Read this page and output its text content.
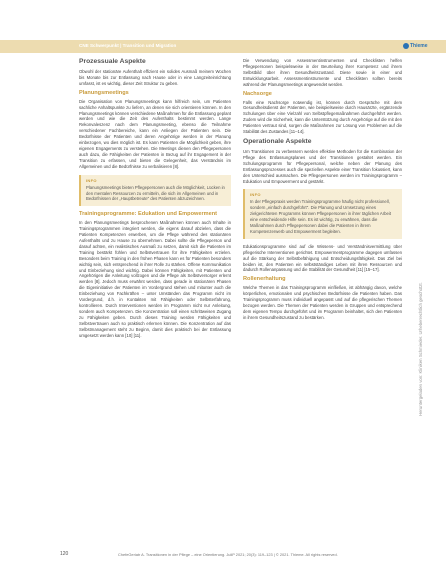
CNE Schwerpunkt | Transition und Migration	Thieme
Prozessuale Aspekte

Obwohl der stationäre Aufenthalt effizient ein solides Ausmaß meinem Wochen bis Monate bis zur Entlassung nach Hause oder in eine Langzeiteinrichtung umfasst, ist es wichtig, dieser Zeit Struktur zu geben.

Planungsmeetings

Die Organisation von Planungsmeetings kann hilfreich sein, um Patienten sachliche Anhaltspunkte zu liefern, an denen sie sich orientieren können. In den Planungsmeetings können verschiedene Maßnahmen für die Entlassung geplant werden und wie die Zeit des Aufenthalts bestimmt werden. Lange Rekonvaleszenz nach dem Planungsmeeting, ebenso die Teilnahme verschiedener Fachbereiche, kann ein Anliegen der Patienten sein. Die Bedürfnisse der Patienten und deren Angehörige werden in der Planung einbezogen, wo dies möglich ist. Es kann Patienten die Möglichkeit geben, ihre eigenen Engagements zu verstehen. Die Meetings dienen den Pflegepersonen auch dazu, die Fähigkeiten der Patienten in Bezug auf ihr Engagement in der Transition zu erfassen, und bieten die Gelegenheit, das Verständnis im Allgemeinen und die Bedürfnisse zu verbalisieren [8].

INFO
Planungsmeetings bieten Pflegepersonen auch die Möglichkeit, Lücken in den mentalen Ressourcen zu ermitteln, die sich im Allgemeinen und in Bedürfnissen der „Hauptbetreute" des Patienten abzuzeichnen.
Trainingsprogramme: Edukation und Empowerment

In den Planungsmeetings besprochenen Maßnahmen können auch Inhalte in Trainingsprogrammen integriert werden, die eigens darauf abzielen, dass die Patienten Kompetenzen erwerben, um die Pflege während des stationären Aufenthalts und zu Hause zu übernehmen. Dabei sollte die Pflegeperson und darauf achten, ein realistisches Ausmaß zu setzen, damit sich die Patienten im Training bestärkt fühlen und Selbstvertrauen für ihre Fähigkeiten erzielen. Besonders beim Training in den frühen Phasen kann es für Patienten besonders wichtig sein, sich entsprechend in ihrer Rolle zu stärken. Offene Kommunikation und Einbeziehung sind wichtig. Dabei können Fähigkeiten, mit Patienten und Angehörigen die Anleitung vollzogen und die Pflege als Selbstversorger erlernt werden [8]. Jedoch muss erwähnt werden, dass gerade in stationären Phasen die Eigeninitiative der Patienten im Vordergrund stehen und mitunter auch die Einbeziehung von Fachkräften – unter Umständen das Programm nicht im Vordergrund, d.h. in Kontakten mit Fähigkeiten oder Selbsterfahrung, kontrollieren. Durch Interventionen werden im Programm nicht nur Anleitung, sondern auch Kompetenzen. Die Konzentration soll einen schrittweisen Zugang zu Fähigkeiten geben. Durch dieses Training werden Fähigkeiten und Selbstvertrauen auch so praktisch erlernen können. Die Konzentration auf das Selbstmanagement steht zu Beginn, damit dies praktisch bei der Entlassung umgesetzt werden kann [10] [11].

Die Verwendung von Assessmentinstrumenten und Checklisten helfen Pflegepersonen beispielsweise in der Beurteilung ihrer Kompetenz und ihrem Selbstbild über ihren Gesundheitszustand. Diese sowie in einer und Entwicklungsarbeit. Assessmentinstrumente und Checklisten sollten bereits während der Planungsmeetings angewendet werden.

Nachsorge

Falls eine Nachsorge notwendig ist, können durch Gespräche mit dem Gesundheitsdienst der Patienten, wie beispielsweise durch Hausärzte, ergänzende Schulungen über eine Vielzahl von Selbstpflegemaßnahmen durchgeführt werden. Zudem wird die Sicherheit, kann die Unterstützung durch Angehörige auf die mit den Patienten vertraut sind, sorgen die Maßnahmen zur Lösung von Problemen auf die Stabilität des Zustandes [11–14].

Operationale Aspekte

Um Transitionen zu verbessern werden effektive Methoden für die Kombination der Pflege des Entlassungsplanes und der Transitionen gestaltet werden. Ein Schulungsprogramm für Pflegepersonal, welche neben der Planung des Entlassungsprozesses auch die speziellen Aspekte einer Transition fokussiert, kann den Unterschied ausmachen. Die Pflegepersonen werden im Trainingsprogramm – Edukation und Empowerment und gestärkt.

INFO
In der Pflegepraxis werden Trainingsprogramme häufig nicht professionell, sondern „einfach durchgeführt". Die Planung und Umsetzung eines zielgerichteten Programms können Pflegepersonen in ihrer täglichen Arbeit eine entscheidende Hilfe sein. Es ist wichtig, zu erwähnen, dass die Maßnahmen durch Pflegepersonen dabei die Patienten in ihrem Kompetenzerwerb und Empowerment begleiten.

Edukationsprogramme sind auf die Wissens- und Verständnisvermittlung über pflegerische Interventionen gerichtet. Empowermentprogramme dagegen umfassen auf die Stärkung der Selbstbefähigung und Entscheidungsfähigkeit. Das Ziel bei beiden ist, den Patienten ein selbstständiges Leben mit ihren Ressourcen und dadurch Rollenanpassung und die Stabilität der Gesundheit [11] [15–17].

Rollenerhaltung

Welche Themen in das Trainingsprogramm einfließen, ist abhängig davon, welche körperlichen, emotionalen und psychischen Bedürfnisse die Patienten haben. Das Trainingsprogramm muss individuell angepasst und auf die pflegerischen Themen bezogen werden. Die Themen der Patienten werden in Gruppen und entsprechend dem eigenen Tempo durchgeführt und im Programm beinhaltet, sich den Patienten in ihrem Gesundheitszustand zu bestärken.	Heruntergeladen von: Kliniken Schmieder. Urheberrechtlich geschützt.
120	ChefeGeriatr A. Transitionen in der Pflege – eine Orientierung. JuliP 2021; 20(3): 119–123 | © 2021. Thieme. All rights reserved.
